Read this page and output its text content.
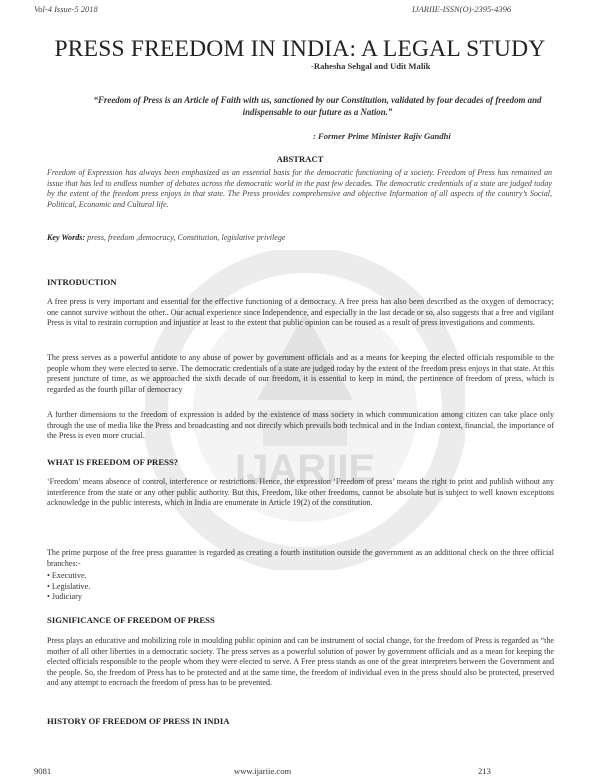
IJARIIE
Vol-4 Issue-5 2018	IJARIIE-ISSN(O)-2395-4396
PRESS FREEDOM IN INDIA: A LEGAL STUDY
-Rahesha Sehgal and Udit Malik
“Freedom of Press is an Article of Faith with us, sanctioned by our Constitution, validated by four decades of freedom and indispensable to our future as a Nation.”
: Former Prime Minister Rajiv Gandhi
ABSTRACT
Freedom of Expression has always been emphasized as an essential basis for the democratic functioning of a society. Freedom of Press has remained an issue that has led to endless number of debates across the democratic world in the past few decades. The democratic credentials of a state are judged today by the extent of the freedom press enjoys in that state. The Press provides comprehensive and objective Information of all aspects of the country’s Social, Political, Economic and Cultural life.
Key Words: press, freedom ,democracy, Constitution, legislative privilege
INTRODUCTION
A free press is very important and essential for the effective functioning of a democracy. A free press has also been described as the oxygen of democracy; one cannot survive without the other.. Our actual experience since Independence, and especially in the last decade or so, also suggests that a free and vigilant Press is vital to restrain corruption and injustice at least to the extent that public opinion can be roused as a result of press investigations and comments.
The press serves as a powerful antidote to any abuse of power by government officials and as a means for keeping the elected officials responsible to the people whom they were elected to serve. The democratic credentials of a state are judged today by the extent of the freedom press enjoys in that state. At this present juncture of time, as we approached the sixth decade of our freedom, it is essential to keep in mind, the pertinence of freedom of press, which is regarded as the fourth pillar of democracy
A further dimensions to the freedom of expression is added by the existence of mass society in which communication among citizen can take place only through the use of media like the Press and broadcasting and not directly which prevails both technical and in the Indian context, financial, the importance of the Press is even more crucial.
WHAT IS FREEDOM OF PRESS?
‘Freedom’ means absence of control, interference or restrictions. Hence, the expression ‘Freedom of press’ means the right to print and publish without any interference from the state or any other public authority. But this, Freedom, like other freedoms, cannot be absolute but is subject to well known exceptions acknowledge in the public interests, which in India are enumerate in Article 19(2) of the constitution.
The prime purpose of the free press guarantee is regarded as creating a fourth institution outside the government as an additional check on the three official branches:-
• Executive.
• Legislative.
• Judiciary
SIGNIFICANCE OF FREEDOM OF PRESS
Press plays an educative and mobilizing role in moulding public opinion and can be instrument of social change, for the freedom of Press is regarded as “the mother of all other liberties in a democratic society. The press serves as a powerful solution of power by government officials and as a mean for keeping the elected officials responsible to the people whom they were elected to serve. A Free press stands as one of the great interpreters between the Government and the people. So, the freedom of Press has to be protected and at the same time, the freedom of individual even in the press should also be protected, preserved and any attempt to encroach the freedom of press has to be prevented.
HISTORY OF FREEDOM OF PRESS IN INDIA
9081	www.ijariie.com	213
